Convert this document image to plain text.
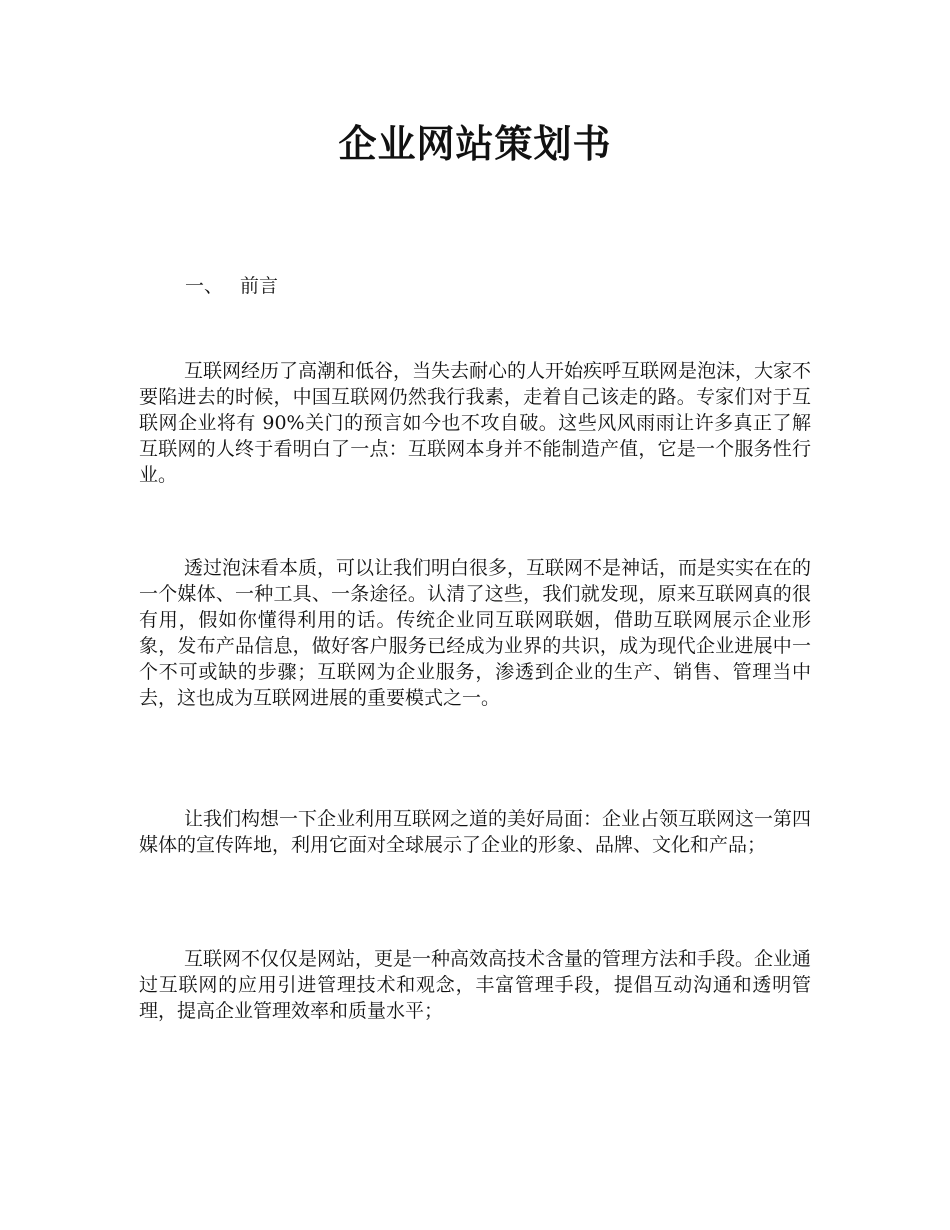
企业网站策划书
一、 前言

互联网经历了高潮和低谷，当失去耐心的人开始疾呼互联网是泡沫，大家不要陷进去的时候，中国互联网仍然我行我素，走着自己该走的路。专家们对于互联网企业将有 90%关门的预言如今也不攻自破。这些风风雨雨让许多真正了解互联网的人终于看明白了一点：互联网本身并不能制造产值，它是一个服务性行业。

透过泡沫看本质，可以让我们明白很多，互联网不是神话，而是实实在在的一个媒体、一种工具、一条途径。认清了这些，我们就发现，原来互联网真的很有用，假如你懂得利用的话。传统企业同互联网联姻，借助互联网展示企业形象，发布产品信息，做好客户服务已经成为业界的共识，成为现代企业进展中一个不可或缺的步骤；互联网为企业服务，渗透到企业的生产、销售、管理当中去，这也成为互联网进展的重要模式之一。

让我们构想一下企业利用互联网之道的美好局面：企业占领互联网这一第四媒体的宣传阵地，利用它面对全球展示了企业的形象、品牌、文化和产品；

互联网不仅仅是网站，更是一种高效高技术含量的管理方法和手段。企业通过互联网的应用引进管理技术和观念，丰富管理手段，提倡互动沟通和透明管理，提高企业管理效率和质量水平；
